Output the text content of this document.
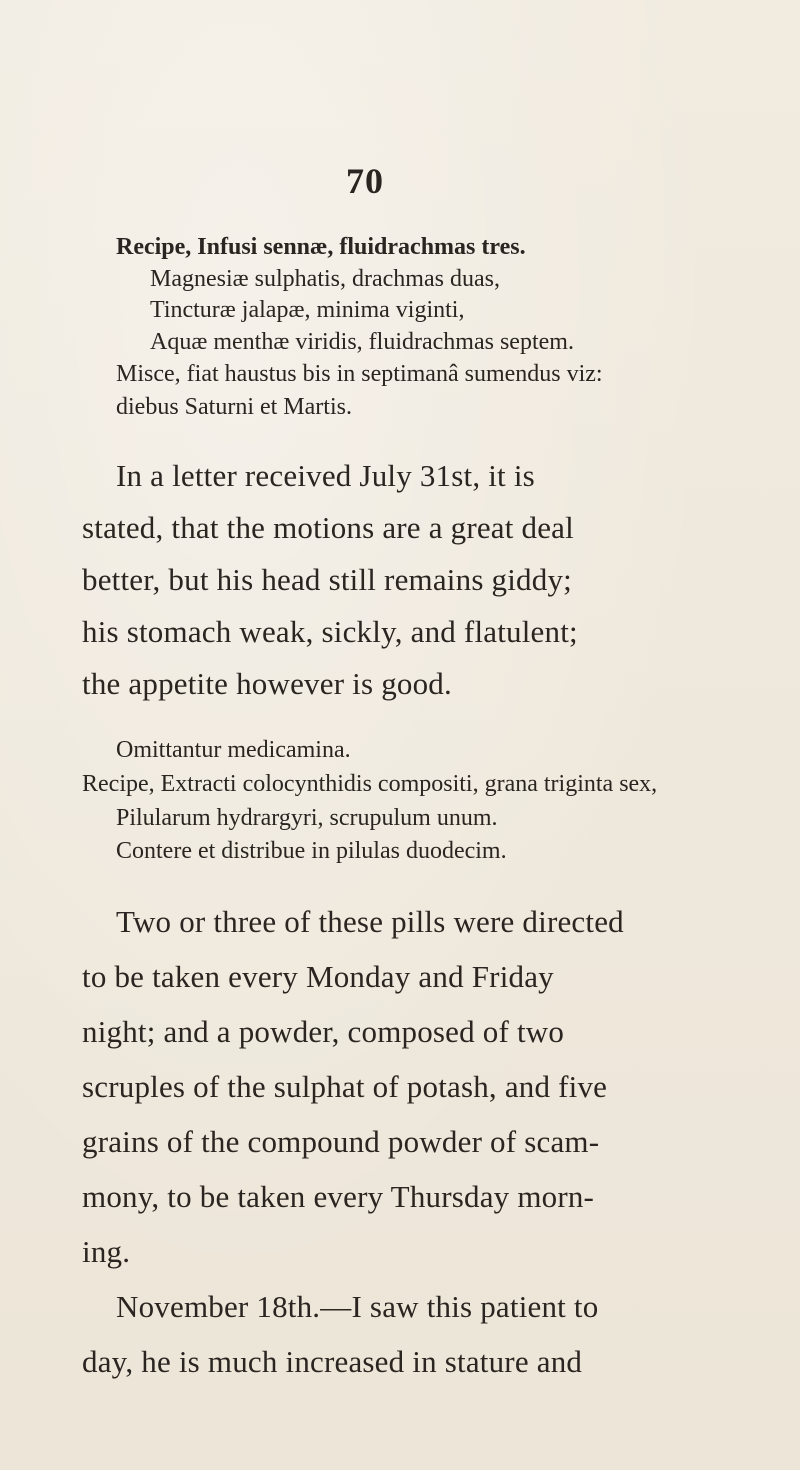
70
Recipe, Infusi sennæ, fluidrachmas tres.
Magnesiæ sulphatis, drachmas duas,
Tincturæ jalapæ, minima viginti,
Aquæ menthæ viridis, fluidrachmas septem.
Misce, fiat haustus bis in septimanâ sumendus viz:
diebus Saturni et Martis.
In a letter received July 31st, it is
stated, that the motions are a great deal
better, but his head still remains giddy;
his stomach weak, sickly, and flatulent;
the appetite however is good.
Omittantur medicamina.
Recipe, Extracti colocynthidis compositi, grana triginta sex,
Pilularum hydrargyri, scrupulum unum.
Contere et distribue in pilulas duodecim.
Two or three of these pills were directed
to be taken every Monday and Friday
night; and a powder, composed of two
scruples of the sulphat of potash, and five
grains of the compound powder of scam-
mony, to be taken every Thursday morn-
ing.
November 18th.—I saw this patient to
day, he is much increased in stature and
